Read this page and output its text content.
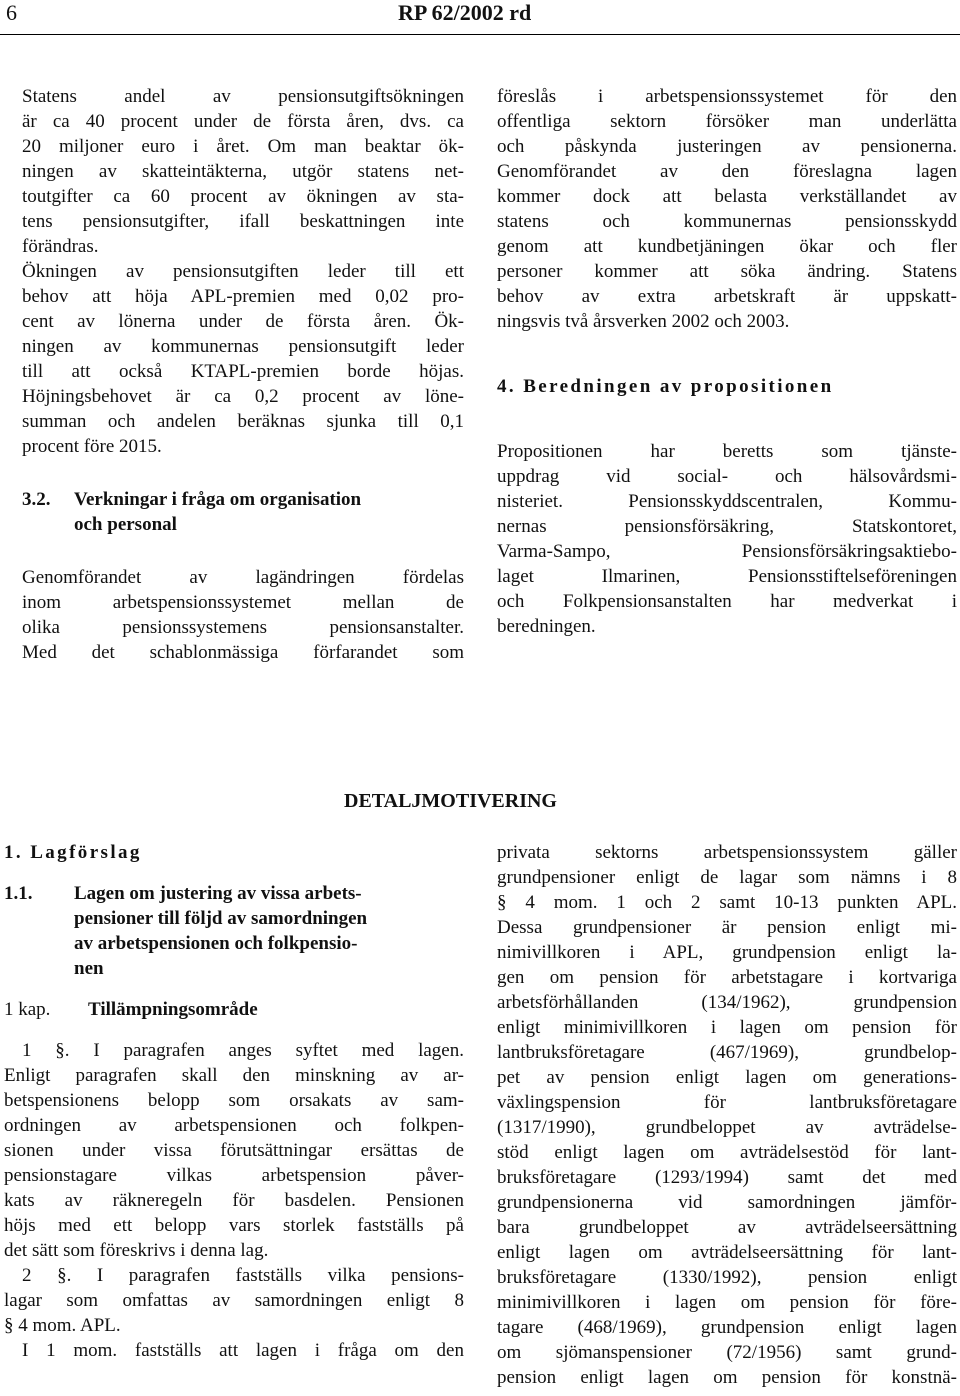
6	RP 62/2002 rd

Statens andel av pensionsutgiftsökningen
är ca 40 procent under de första åren, dvs. ca
20 miljoner euro i året. Om man beaktar ök-
ningen av skatteintäkterna, utgör statens net-
toutgifter ca 60 procent av ökningen av sta-
tens pensionsutgifter, ifall beskattningen inte
förändras.

Ökningen av pensionsutgiften leder till ett
behov att höja APL-premien med 0,02 pro-
cent av lönerna under de första åren. Ök-
ningen av kommunernas pensionsutgift leder
till att också KTAPL-premien borde höjas.
Höjningsbehovet är ca 0,2 procent av löne-
summan och andelen beräknas sjunka till 0,1
procent före 2015.

3.2.	Verkningar i fråga om organisation
och personal

Genomförandet av lagändringen fördelas
inom arbetspensionssystemet mellan de
olika pensionssystemens pensionsanstalter.
Med det schablonmässiga förfarandet som

föreslås i arbetspensionssystemet för den
offentliga sektorn försöker man underlätta
och påskynda justeringen av pensionerna.
Genomförandet av den föreslagna lagen
kommer dock att belasta verkställandet av
statens och kommunernas pensionsskydd
genom att kundbetjäningen ökar och fler
personer kommer att söka ändring. Statens
behov av extra arbetskraft är uppskatt-
ningsvis två årsverken 2002 och 2003.

4. Beredningen av propositionen

Propositionen har beretts som tjänste-
uppdrag vid social- och hälsovårdsmi-
nisteriet. Pensionsskyddscentralen, Kommu-
nernas pensionsförsäkring, Statskontoret,
Varma-Sampo, Pensionsförsäkringsaktiebo-
laget Ilmarinen, Pensionsstiftelseföreningen
och Folkpensionsanstalten har medverkat i
beredningen.

DETALJMOTIVERING
1. Lagförslag
1.1.	Lagen om justering av vissa arbets-
pensioner till följd av samordningen
av arbetspensionen och folkpensio-
nen
1 kap. Tillämpningsområde

1 §. I paragrafen anges syftet med lagen.

Enligt paragrafen skall den minskning av ar-
betspensionens belopp som orsakats av sam-
ordningen av arbetspensionen och folkpen-
sionen under vissa förutsättningar ersättas de
pensionstagare vilkas arbetspension påver-
kats av räkneregeln för basdelen. Pensionen
höjs med ett belopp vars storlek fastställs på
det sätt som föreskrivs i denna lag.

2 §. I paragrafen fastställs vilka pensions-
lagar som omfattas av samordningen enligt 8
§ 4 mom. APL.

I 1 mom. fastställs att lagen i fråga om den

privata sektorns arbetspensionssystem gäller
grundpensioner enligt de lagar som nämns i 8
§ 4 mom. 1 och 2 samt 10-13 punkten APL.
Dessa grundpensioner är pension enligt mi-
nimivillkoren i APL, grundpension enligt la-
gen om pension för arbetstagare i kortvariga
arbetsförhållanden (134/1962), grundpension
enligt minimivillkoren i lagen om pension för
lantbruksföretagare (467/1969), grundbelop-
pet av pension enligt lagen om generations-
växlingspension för lantbruksföretagare
(1317/1990), grundbeloppet av avträdelse-
stöd enligt lagen om avträdelsestöd för lant-
bruksföretagare (1293/1994) samt det med
grundpensionerna vid samordningen jämför-
bara grundbeloppet av avträdelseersättning
enligt lagen om avträdelseersättning för lant-
bruksföretagare (1330/1992), pension enligt
minimivillkoren i lagen om pension för före-
tagare (468/1969), grundpension enligt lagen
om sjömanspensioner (72/1956) samt grund-
pension enligt lagen om pension för konstnä-
